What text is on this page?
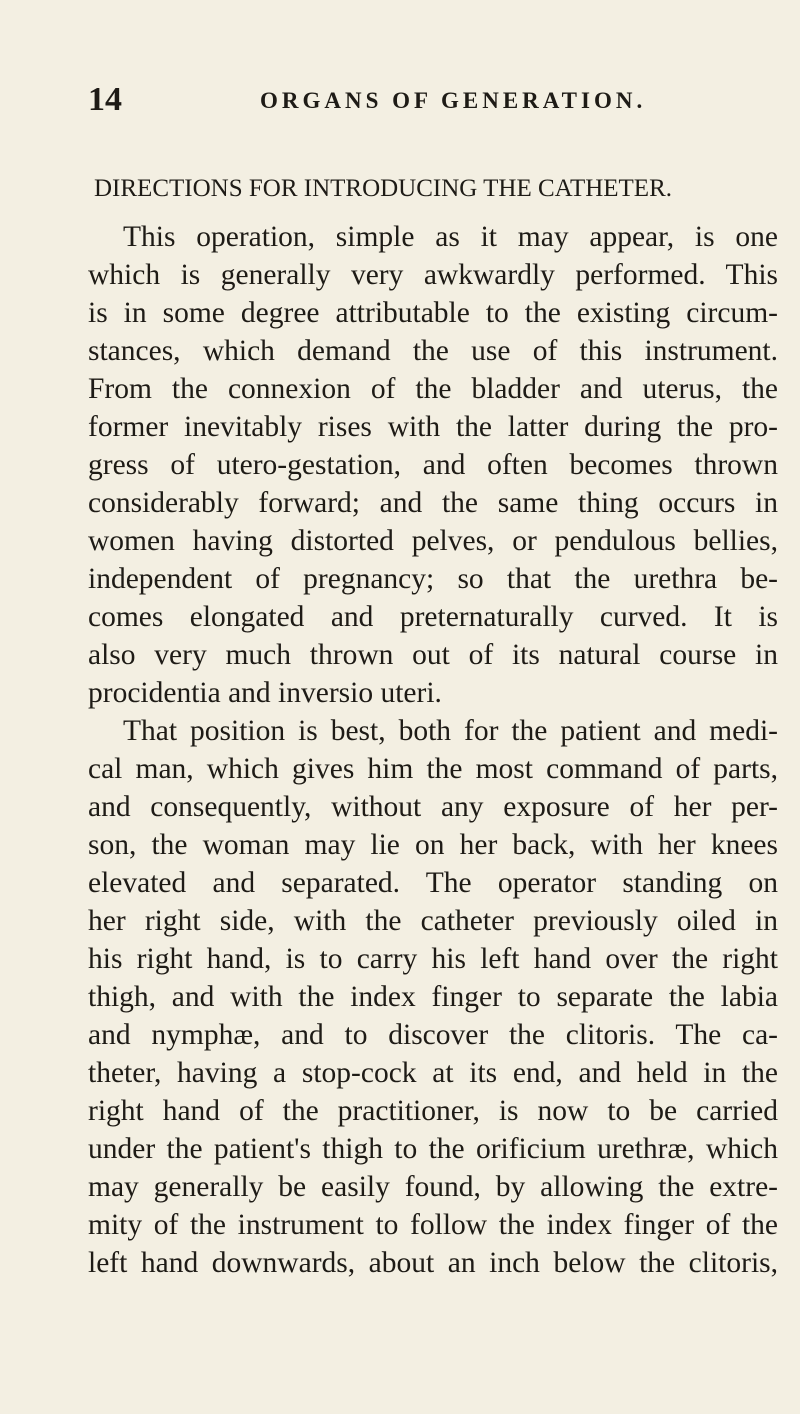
14	ORGANS OF GENERATION.
DIRECTIONS FOR INTRODUCING THE CATHETER.

This operation, simple as it may appear, is one
which is generally very awkwardly performed. This
is in some degree attributable to the existing circum-
stances, which demand the use of this instrument.
From the connexion of the bladder and uterus, the
former inevitably rises with the latter during the pro-
gress of utero-gestation, and often becomes thrown
considerably forward; and the same thing occurs in
women having distorted pelves, or pendulous bellies,
independent of pregnancy; so that the urethra be-
comes elongated and preternaturally curved. It is
also very much thrown out of its natural course in
procidentia and inversio uteri.

That position is best, both for the patient and medi-
cal man, which gives him the most command of parts,
and consequently, without any exposure of her per-
son, the woman may lie on her back, with her knees
elevated and separated. The operator standing on
her right side, with the catheter previously oiled in
his right hand, is to carry his left hand over the right
thigh, and with the index finger to separate the labia
and nymphæ, and to discover the clitoris. The ca-
theter, having a stop-cock at its end, and held in the
right hand of the practitioner, is now to be carried
under the patient's thigh to the orificium urethræ, which
may generally be easily found, by allowing the extre-
mity of the instrument to follow the index finger of the
left hand downwards, about an inch below the clitoris,
